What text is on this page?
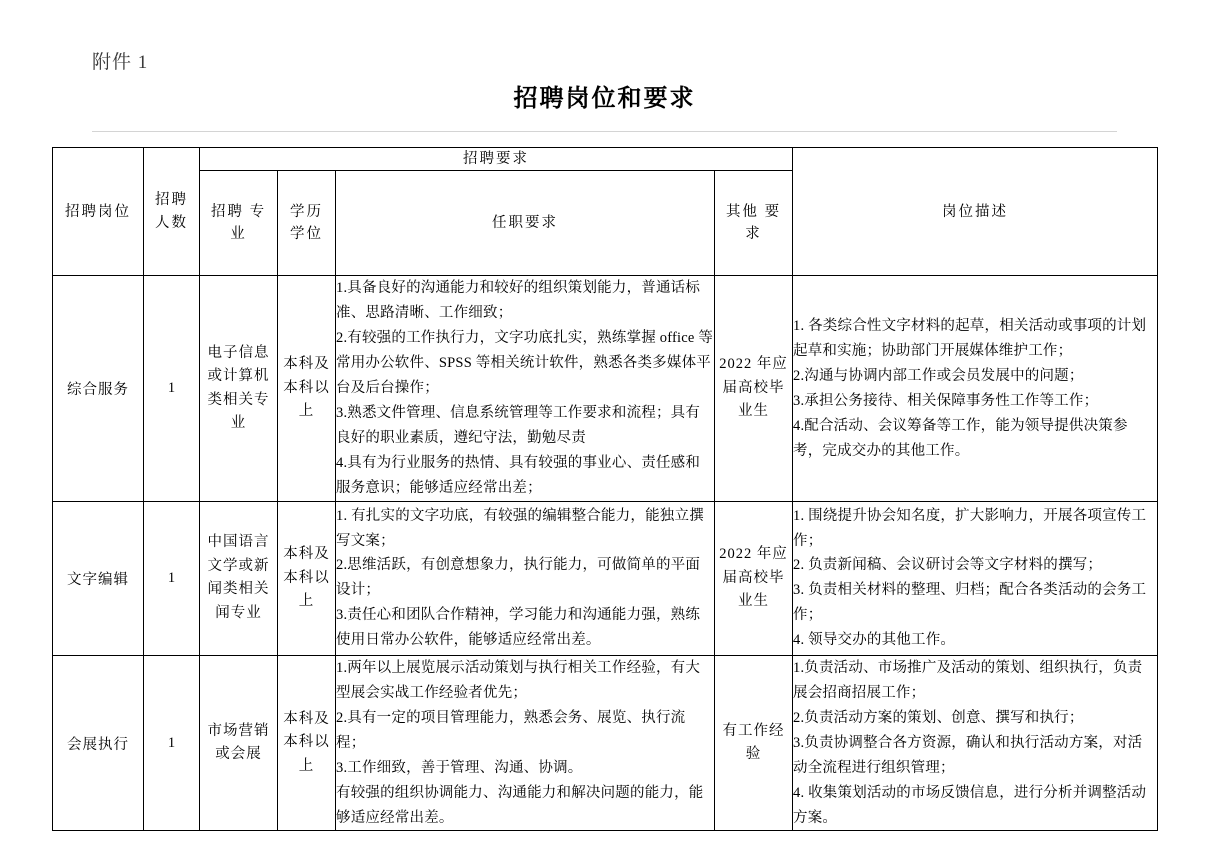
附件 1
招聘岗位和要求
招聘岗位	招聘 人数	招聘要求				岗位描述
		招聘 专业	学历 学位	任职要求	其他 要求	
综合服务	1	电子信息或计算机类相关专业	本科及本科以上	1.具备良好的沟通能力和较好的组织策划能力，普通话标准、思路清晰、工作细致；
2.有较强的工作执行力，文字功底扎实，熟练掌握 office 等常用办公软件、SPSS 等相关统计软件，熟悉各类多媒体平台及后台操作；
3.熟悉文件管理、信息系统管理等工作要求和流程；具有良好的职业素质，遵纪守法，勤勉尽责
4.具有为行业服务的热情、具有较强的事业心、责任感和服务意识；能够适应经常出差；	2022 年应届高校毕业生	1. 各类综合性文字材料的起草，相关活动或事项的计划起草和实施；协助部门开展媒体维护工作；
2.沟通与协调内部工作或会员发展中的问题；
3.承担公务接待、相关保障事务性工作等工作；
4.配合活动、会议筹备等工作，能为领导提供决策参考，完成交办的其他工作。

文字编辑	1	中国语言文学或新闻类相关闻专业	本科及本科以上	1. 有扎实的文字功底，有较强的编辑整合能力，能独立撰写文案；
2.思维活跃，有创意想象力，执行能力，可做简单的平面设计；
3.责任心和团队合作精神，学习能力和沟通能力强，熟练使用日常办公软件，能够适应经常出差。	2022 年应届高校毕业生	1. 围绕提升协会知名度，扩大影响力，开展各项宣传工作；
2. 负责新闻稿、会议研讨会等文字材料的撰写；
3. 负责相关材料的整理、归档；配合各类活动的会务工作；
4. 领导交办的其他工作。

会展执行	1	市场营销或会展	本科及本科以上	1.两年以上展览展示活动策划与执行相关工作经验，有大型展会实战工作经验者优先；
2.具有一定的项目管理能力，熟悉会务、展览、执行流程；
3.工作细致，善于管理、沟通、协调。
有较强的组织协调能力、沟通能力和解决问题的能力，能够适应经常出差。	有工作经验	1.负责活动、市场推广及活动的策划、组织执行，负责展会招商招展工作；
2.负责活动方案的策划、创意、撰写和执行；
3.负责协调整合各方资源，确认和执行活动方案，对活动全流程进行组织管理；
4. 收集策划活动的市场反馈信息，进行分析并调整活动方案。
